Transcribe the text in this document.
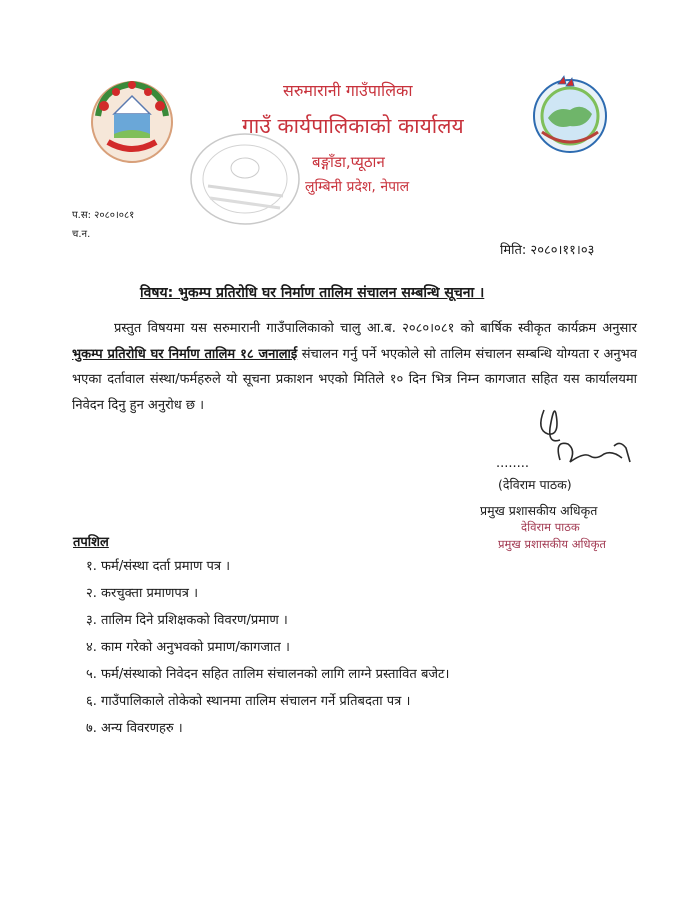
सरुमारानी गाउँपालिका
गाउँ कार्यपालिकाको कार्यालय
बङ्गाँडा,प्यूठान
लुम्बिनी प्रदेश, नेपाल
प.स: २०८०।०८१
च.न.
मिति: २०८०।११।०३
विषय: भुकम्प प्रतिरोधि घर निर्माण तालिम संचालन सम्बन्धि सूचना ।
प्रस्तुत विषयमा यस सरुमारानी गाउँपालिकाको चालु आ.ब. २०८०।०८१ को बार्षिक स्वीकृत कार्यक्रम अनुसार भुकम्प प्रतिरोधि घर निर्माण तालिम १८ जनालाई संचालन गर्नु पर्ने भएकोले सो तालिम संचालन सम्बन्धि योग्यता र अनुभव भएका दर्तावाल संस्था/फर्महरुले यो सूचना प्रकाशन भएको मितिले १० दिन भित्र निम्न कागजात सहित यस कार्यालयमा निवेदन दिनु हुन अनुरोध छ ।
........
(देविराम पाठक)
प्रमुख प्रशासकीय अधिकृत
देविराम पाठक
प्रमुख प्रशासकीय अधिकृत
तपशिल
१. फर्म/संस्था दर्ता प्रमाण पत्र ।
२. करचुक्ता प्रमाणपत्र ।
३. तालिम दिने प्रशिक्षकको विवरण/प्रमाण ।
४. काम गरेको अनुभवको प्रमाण/कागजात ।
५. फर्म/संस्थाको निवेदन सहित तालिम संचालनको लागि लाग्ने प्रस्तावित बजेट।
६. गाउँपालिकाले तोकेको स्थानमा तालिम संचालन गर्ने प्रतिबदता पत्र ।
७. अन्य विवरणहरु ।
